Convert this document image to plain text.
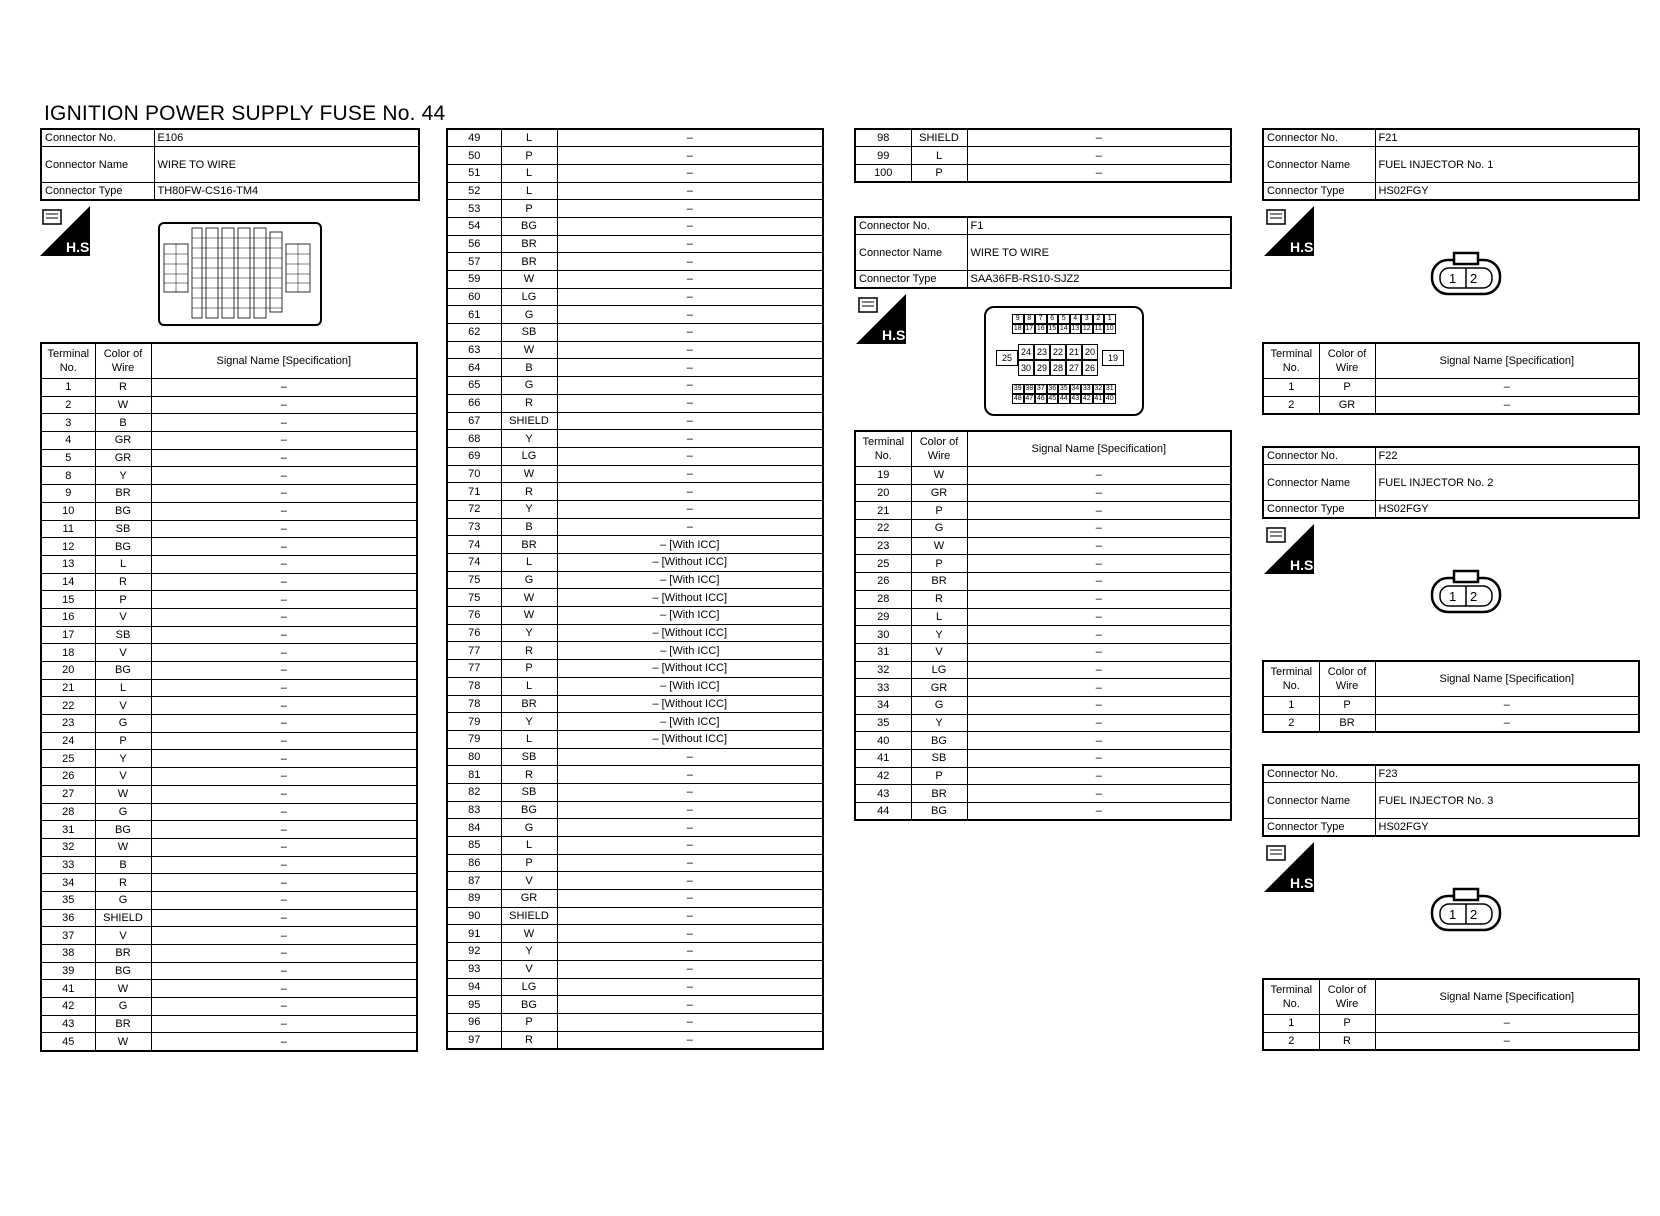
IGNITION POWER SUPPLY FUSE No. 44
Connector No.	E106
Connector Name	WIRE TO WIRE
Connector Type	TH80FW-CS16-TM4
H.S.
Terminal No.	Color of Wire	Signal Name [Specification]
1	R	–
2	W	–
3	B	–
4	GR	–
5	GR	–
8	Y	–
9	BR	–
10	BG	–
11	SB	–
12	BG	–
13	L	–
14	R	–
15	P	–
16	V	–
17	SB	–
18	V	–
20	BG	–
21	L	–
22	V	–
23	G	–
24	P	–
25	Y	–
26	V	–
27	W	–
28	G	–
31	BG	–
32	W	–
33	B	–
34	R	–
35	G	–
36	SHIELD	–
37	V	–
38	BR	–
39	BG	–
41	W	–
42	G	–
43	BR	–
45	W	–
49	L	–
50	P	–
51	L	–
52	L	–
53	P	–
54	BG	–
56	BR	–
57	BR	–
59	W	–
60	LG	–
61	G	–
62	SB	–
63	W	–
64	B	–
65	G	–
66	R	–
67	SHIELD	–
68	Y	–
69	LG	–
70	W	–
71	R	–
72	Y	–
73	B	–
74	BR	– [With ICC]
74	L	– [Without ICC]
75	G	– [With ICC]
75	W	– [Without ICC]
76	W	– [With ICC]
76	Y	– [Without ICC]
77	R	– [With ICC]
77	P	– [Without ICC]
78	L	– [With ICC]
78	BR	– [Without ICC]
79	Y	– [With ICC]
79	L	– [Without ICC]
80	SB	–
81	R	–
82	SB	–
83	BG	–
84	G	–
85	L	–
86	P	–
87	V	–
89	GR	–
90	SHIELD	–
91	W	–
92	Y	–
93	V	–
94	LG	–
95	BG	–
96	P	–
97	R	–
98	SHIELD	–
99	L	–
100	P	–
Connector No.	F1
Connector Name	WIRE TO WIRE
Connector Type	SAA36FB-RS10-SJZ2
H.S.
9	8	7	6	5	4	3	2	1
18 17 16 15 14 13 12 11 10
25
24 23 22 21 20
30 29 28 27 26
19
39 38 37 36 35 34 33 32 31
48 47 46 45 44 43 42 41 40
Terminal No.	Color of Wire	Signal Name [Specification]
19	W	–
20	GR	–
21	P	–
22	G	–
23	W	–
25	P	–
26	BR	–
28	R	–
29	L	–
30	Y	–
31	V	–
32	LG	–
33	GR	–
34	G	–
35	Y	–
40	BG	–
41	SB	–
42	P	–
43	BR	–
44	BG	–
Connector No.	F21
Connector Name	FUEL INJECTOR No. 1
Connector Type	HS02FGY
H.S.
1 2
Terminal No.	Color of Wire	Signal Name [Specification]
1	P	–
2	GR	–
Connector No.	F22
Connector Name	FUEL INJECTOR No. 2
Connector Type	HS02FGY
H.S.
1 2
Terminal No.	Color of Wire	Signal Name [Specification]
1	P	–
2	BR	–
Connector No.	F23
Connector Name	FUEL INJECTOR No. 3
Connector Type	HS02FGY
H.S.
1 2
Terminal No.	Color of Wire	Signal Name [Specification]
1	P	–
2	R	–
